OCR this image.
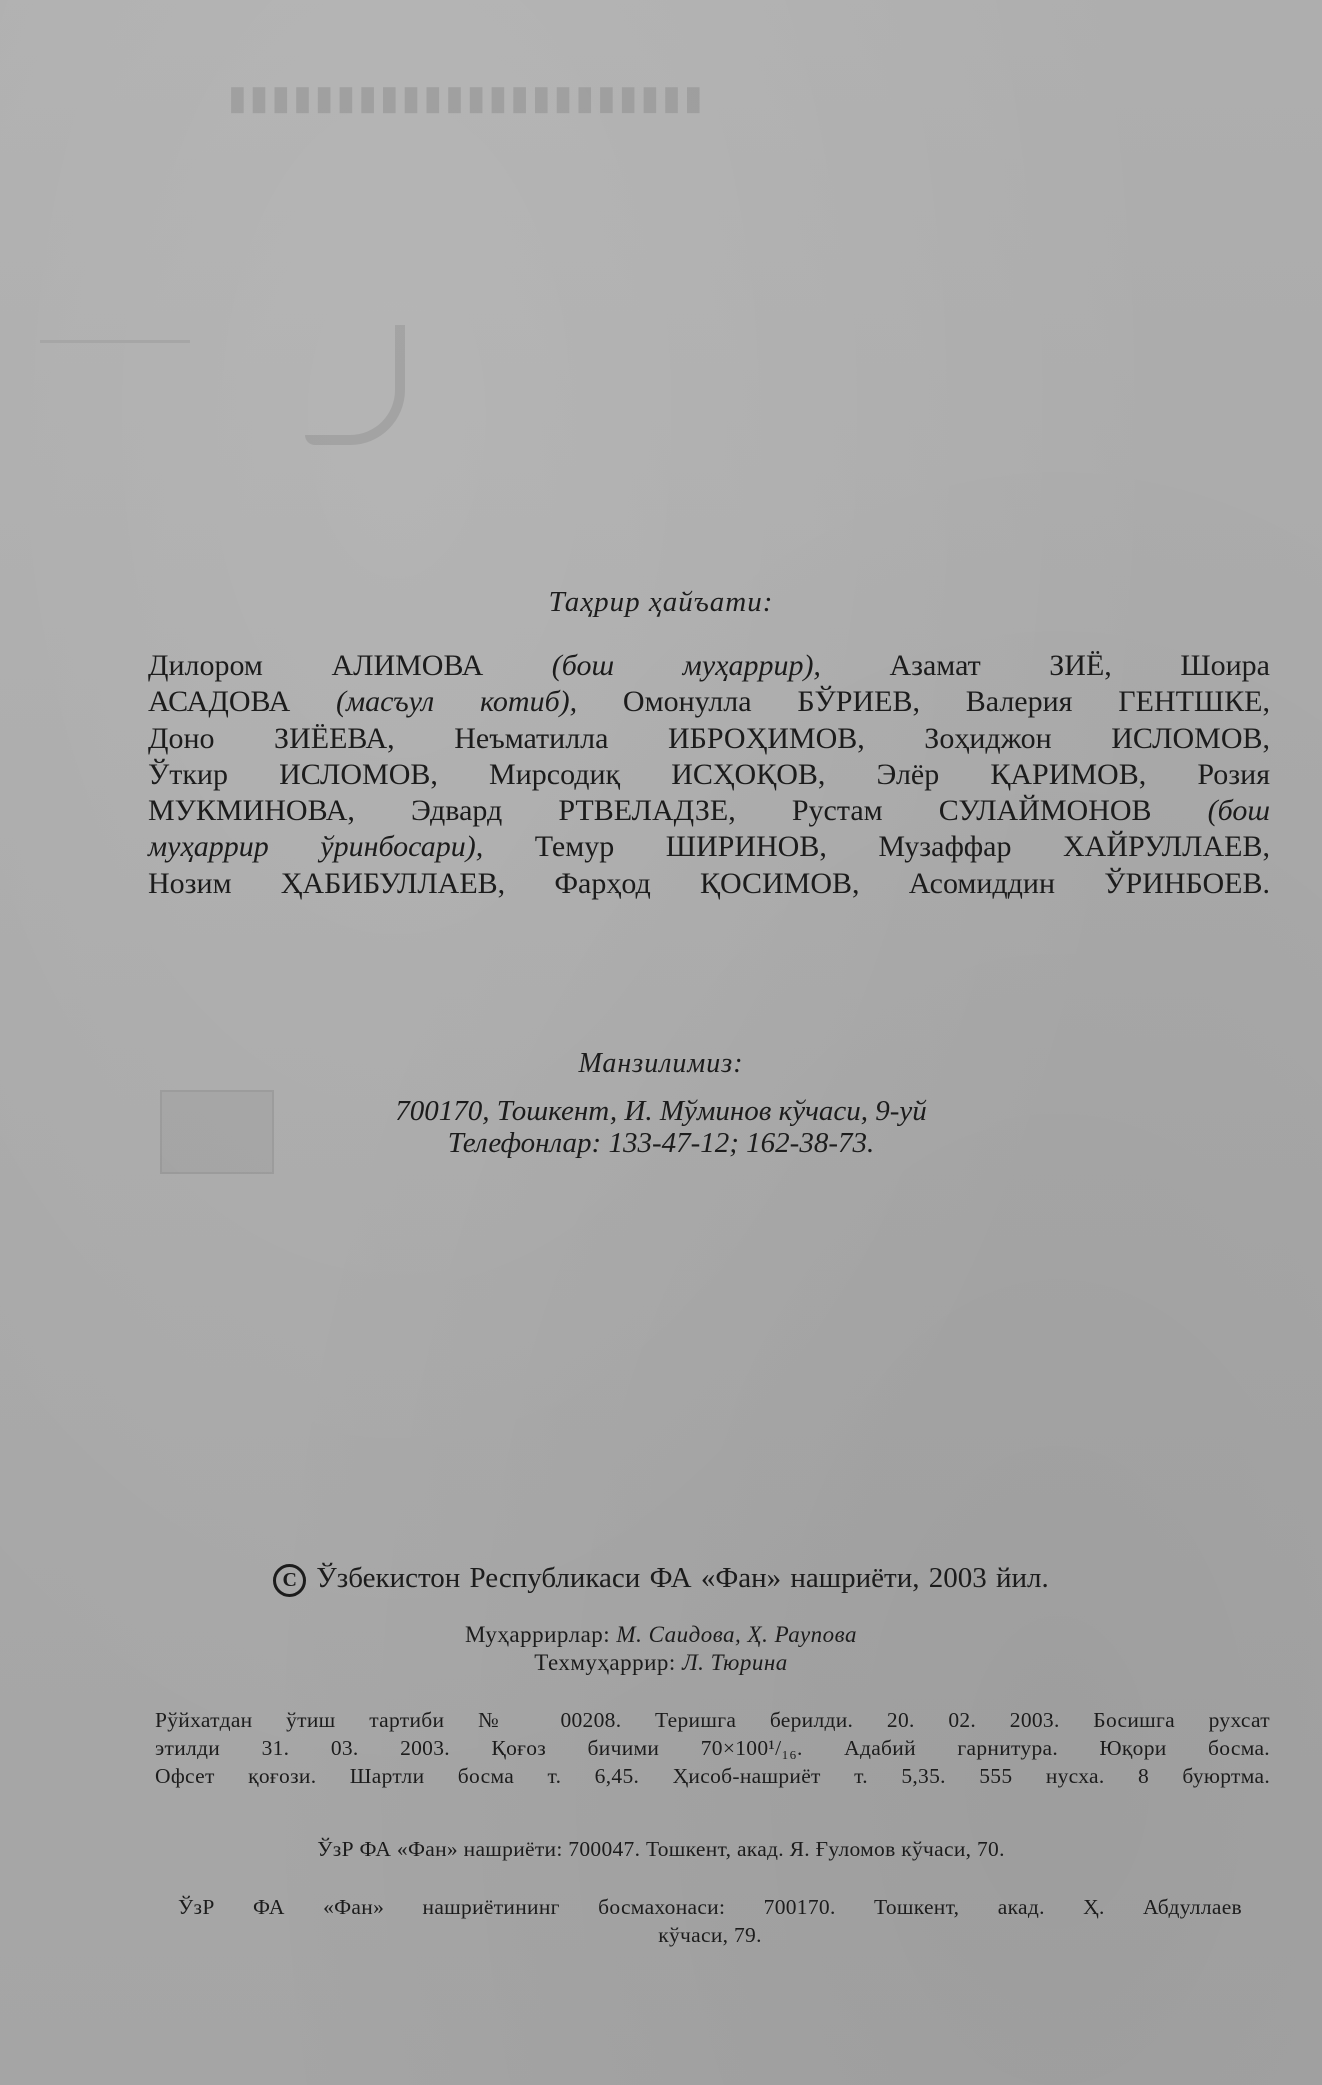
▮▮▮▮▮▮▮▮▮▮▮▮▮▮▮▮▮▮▮▮▮▮
Таҳрир ҳайъати:
Дилором АЛИМОВА (бош муҳаррир), Азамат ЗИЁ, Шоира
АСАДОВА (масъул котиб), Омонулла БЎРИЕВ, Валерия ГЕНТШКЕ,
Доно ЗИЁЕВА, Неъматилла ИБРОҲИМОВ, Зоҳиджон ИСЛОМОВ,
Ўткир ИСЛОМОВ, Мирсодиқ ИСҲОҚОВ, Элёр ҚАРИМОВ, Розия
МУКМИНОВА, Эдвард РТВЕЛАДЗЕ, Рустам СУЛАЙМОНОВ (бош
муҳаррир ўринбосари), Темур ШИРИНОВ, Музаффар ХАЙРУЛЛАЕВ,
Нозим ҲАБИБУЛЛАЕВ, Фарҳод ҚОСИМОВ, Асомиддин ЎРИНБОЕВ.
Манзилимиз:
700170, Тошкент, И. Мўминов кўчаси, 9-уй
Телефонлар: 133-47-12; 162-38-73.
С Ўзбекистон Республикаси ФА «Фан» нашриёти, 2003 йил.
Муҳаррирлар: М. Саидова, Ҳ. Раупова
Техмуҳаррир: Л. Тюрина
Рўйхатдан ўтиш тартиби № 00208. Теришга берилди. 20. 02. 2003. Босишга рухсат
этилди 31. 03. 2003. Қоғоз бичими 70×100¹/₁₆. Адабий гарнитура. Юқори босма.
Офсет қоғози. Шартли босма т. 6,45. Ҳисоб-нашриёт т. 5,35. 555 нусха. 8 буюртма.
ЎзР ФА «Фан» нашриёти: 700047. Тошкент, акад. Я. Ғуломов кўчаси, 70.
ЎзР ФА «Фан» нашриётининг босмахонаси: 700170. Тошкент, акад. Ҳ. Абдуллаев
кўчаси, 79.
